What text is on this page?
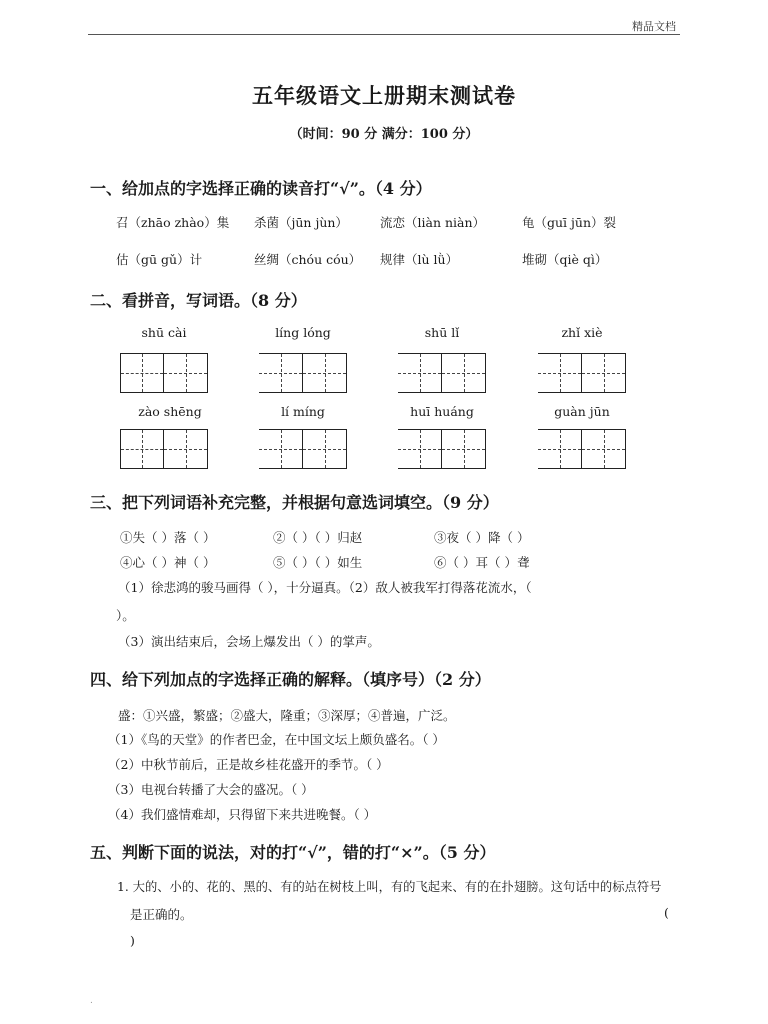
精品文档
五年级语文上册期末测试卷
（时间：90 分 满分：100 分）
一、给加点的字选择正确的读音打“√”。（4 分）
召（zhāo zhào）集 杀菌（jūn jùn）	流恋（liàn niàn）	龟（guī jūn）裂
估（gū gǔ）计	丝绸（chóu cóu） 规律（lù lǜ）	堆砌（qiè qì）
二、看拼音，写词语。（8 分）
shū cài	líng lóng	shū lǐ	zhǐ xiè
zào shēng	lí míng	huī huáng	guàn jūn
三、把下列词语补充完整，并根据句意选词填空。（9 分）
①失（ ）落（ ）	②（ ）（ ）归赵	③夜（ ）降（ ）
④心（ ）神（ ）	⑤（ ）（ ）如生	⑥（ ）耳（ ）聋
（1）徐悲鸿的骏马画得（ ），十分逼真。（2）敌人被我军打得落花流水，（
）。
（3）演出结束后，会场上爆发出（ ）的掌声。
四、给下列加点的字选择正确的解释。（填序号）（2 分）
盛：①兴盛，繁盛；②盛大，隆重；③深厚；④普遍，广泛。
（1）《鸟的天堂》的作者巴金，在中国文坛上颇负盛名。（ ）
（2）中秋节前后，正是故乡桂花盛开的季节。（ ）
（3）电视台转播了大会的盛况。（ ）
（4）我们盛情难却，只得留下来共进晚餐。（ ）
五、判断下面的说法，对的打“√”，错的打“×”。（5 分）
1. 大的、小的、花的、黑的、有的站在树枝上叫，有的飞起来、有的在扑翅膀。这句话中的标点符号
是正确的。	(
)
.
